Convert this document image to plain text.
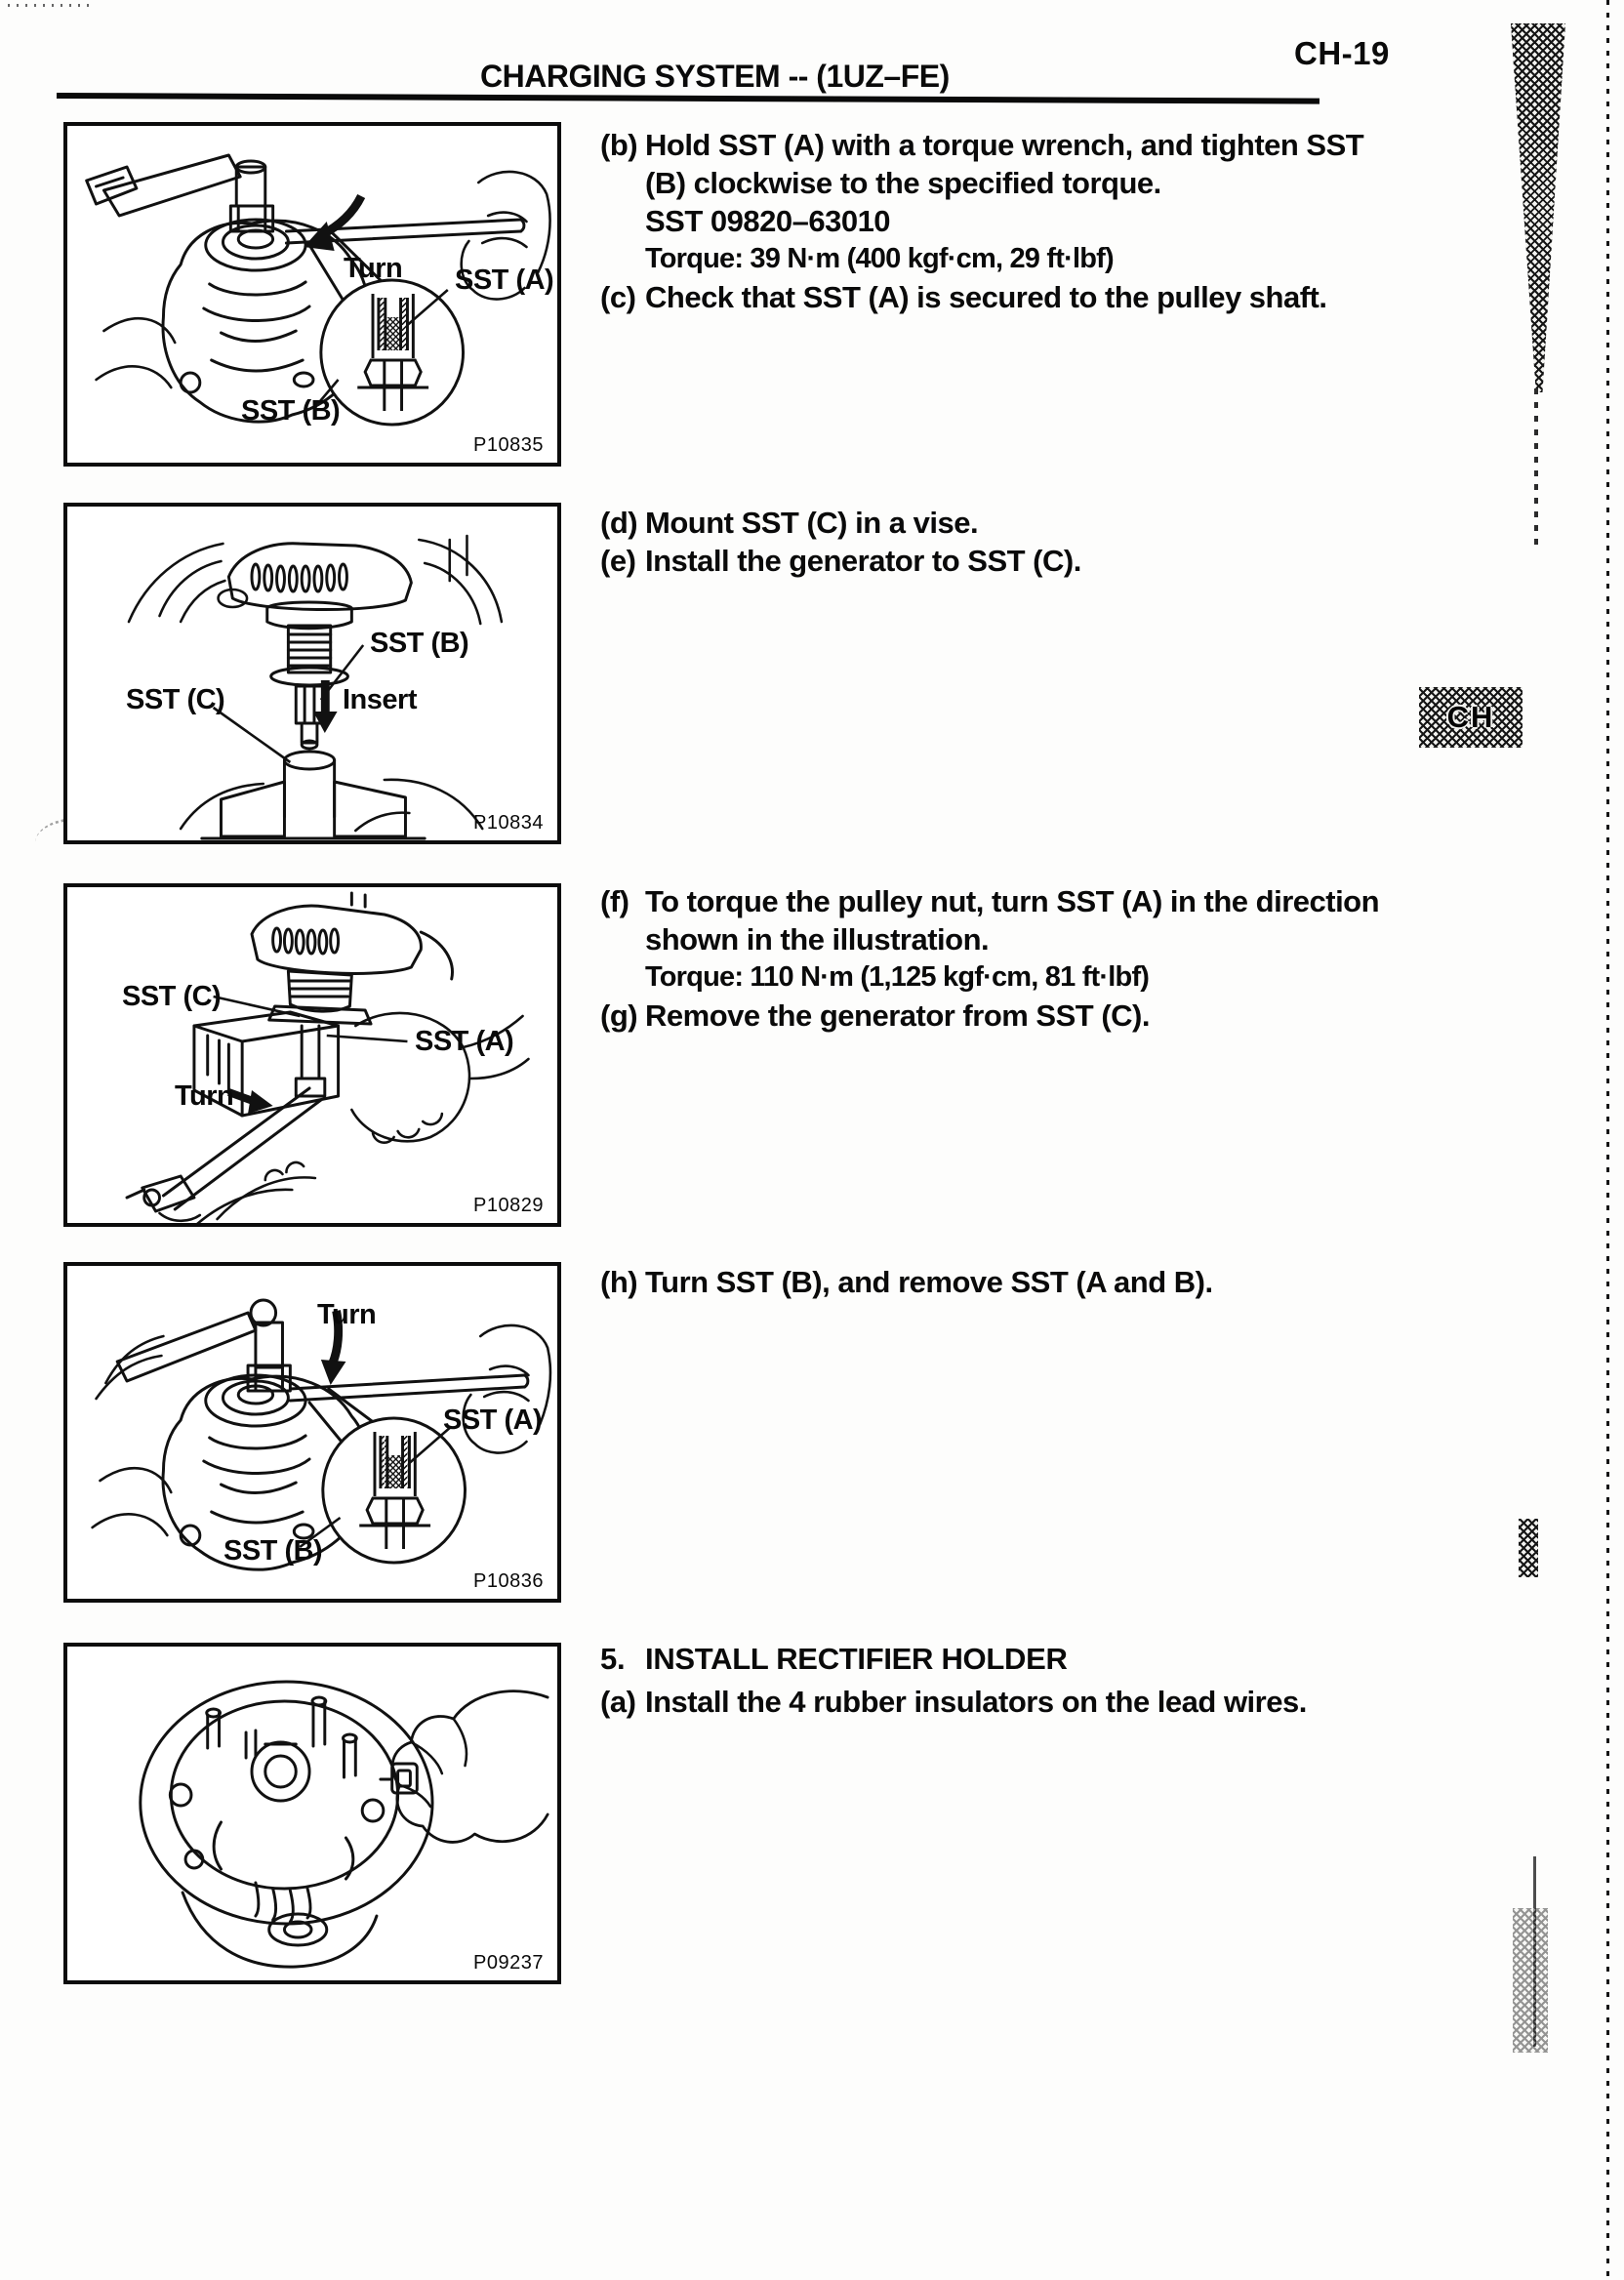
CHARGING SYSTEM -- (1UZ–FE)
CH-19
CH
Turn SST (A)
SST (B)
P10835
SST (B)
SST (C)	Insert
P10834
SST (C)
SST (A)
Turn
P10829
Turn
SST (A)
SST (B)
P10836
P09237
(b) Hold SST (A) with a torque wrench, and tighten SST
(B) clockwise to the specified torque.
SST 09820–63010
Torque: 39 N·m (400 kgf·cm, 29 ft·lbf)
(c) Check that SST (A) is secured to the pulley shaft.
(d) Mount SST (C) in a vise.
(e) Install the generator to SST (C).
(f) To torque the pulley nut, turn SST (A) in the direction
shown in the illustration.
Torque: 110 N·m (1,125 kgf·cm, 81 ft·lbf)
(g) Remove the generator from SST (C).
(h) Turn SST (B), and remove SST (A and B).
5. INSTALL RECTIFIER HOLDER
(a) Install the 4 rubber insulators on the lead wires.
